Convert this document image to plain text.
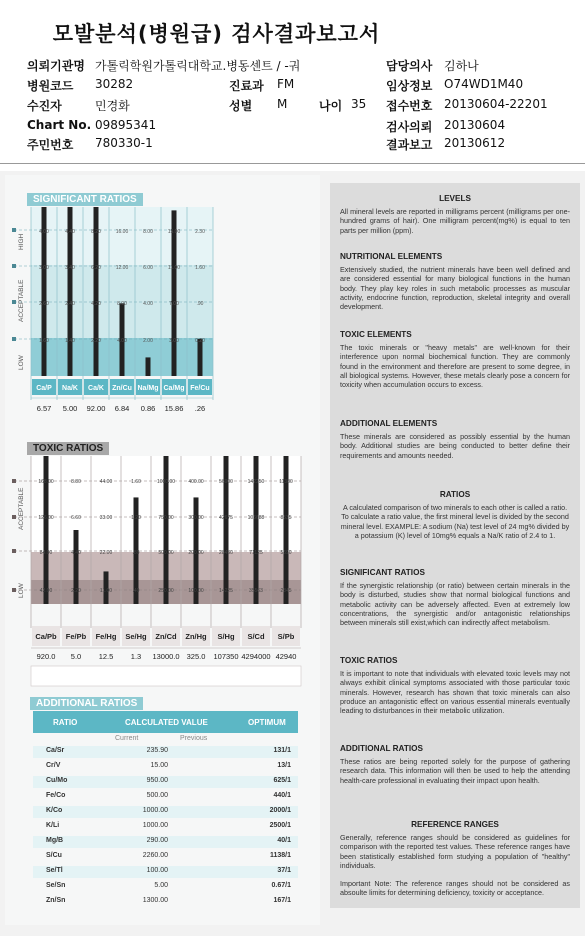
모발분석(병원급) 검사결과보고서
의뢰기관명 가톨릭학원가톨릭대학교.병동센트 / -궈	담당의사 김하나
병원코드 30282	진료과 FM	임상정보 O74WD1M40
수진자	민경화	성별 M	나이 35 접수번호 20130604-22201
Chart No. 09895341	검사의뢰 20130604
주민번호 780330-1	결과보고 20130612
SIGNIFICANT RATIOS
HIGH
ACCEPTABLE
LOW
4.00
3.00
2.60
1.60
Ca/P
6.57
4.40
3.40
2.40
1.40
Na/K
5.00
8.20
6.20
4.20
2.20
Ca/K
92.00
16.00
12.00
8.00
4.00
Zn/Cu
6.84
8.00
6.00
4.00
2.00
Na/Mg
0.86
15.00
11.00
7.00
3.00
Ca/Mg
15.86
2.30
1.60
.90
0.20
Fe/Cu
.26
TOXIC RATIOS
ACCEPTABLE
LOW
168.00
126.00
84.00
42.00
Ca/Pb
920.0
8.80
6.60
4.40
2.20
Fe/Pb
5.0
44.00
33.00
22.00
11.00
Fe/Hg
12.5
1.60
1.20
.80
.40
Se/Hg
1.3
1000.00
750.00
500.00
250.00
Zn/Cd
13000.0
400.00
300.00
200.00
100.00
Zn/Hg
325.0
56900
42675
28450
14225
S/Hg
107350
142250
106688
71125
35563
S/Cd
4294000
11380
8535
5690
2845
S/Pb
42940
ADDITIONAL RATIOS
RATIO	CALCULATED VALUE	OPTIMUM
Current	Previous
Ca/Sr	235.90	131/1
Cr/V	15.00	13/1
Cu/Mo	950.00	625/1
Fe/Co	500.00	440/1
K/Co	1000.00	2000/1
K/Li	1000.00	2500/1
Mg/B	290.00	40/1
S/Cu	2260.00	1138/1
Se/Tl	100.00	37/1
Se/Sn	5.00	0.67/1
Zn/Sn	1300.00	167/1
LEVELS
All mineral levels are reported in milligrams percent (milligrams per one-hundred grams of hair). One milligram percent(mg%) is equal to ten parts per million (ppm).
NUTRITIONAL ELEMENTS
Extensively studied, the nutrient minerals have been well defined and are considered essential for many biological functions in the human body. They play key roles in such metabolic processes as muscular activity, endocrine function, reproduction, skeletal integrity and overall development.
TOXIC ELEMENTS
The toxic minerals or "heavy metals" are well-known for their interference upon normal biochemical function. They are commonly found in the environment and therefore are present to some degree, in all biological systems. However, these metals clearly pose a concern for toxicity when accumulation occurs to excess.
ADDITIONAL ELEMENTS
These minerals are considered as possibly essential by the human body. Additional studies are being conducted to better define their requirements and amounts needed.
RATIOS
A calculated comparison of two minerals to each other is called a ratio. To calculate a ratio value, the first mineral level is divided by the second mineral level. EXAMPLE: A sodium (Na) test level of 24 mg% divided by a potassium (K) level of 10mg% equals a Na/K ratio of 2.4 to 1.
SIGNIFICANT RATIOS
If the synergistic relationship (or ratio) between certain minerals in the body is disturbed, studies show that normal biological functions and metabolic activity can be adversely affected. Even at extremely low concentrations, the synergistic and/or antagonistic relationships between minerals still exist,which can indirectly affect metabolism.
TOXIC RATIOS
It is important to note that individuals with elevated toxic levels may not always exhibit clinical symptoms associated with those particular toxic minerals. However, research has shown that toxic minerals can also produce an antagonistic effect on various essential minerals eventually leading to disturbances in their metabolic utilization.
ADDITIONAL RATIOS
These ratios are being reported solely for the purpose of gathering research data. This information will then be used to help the attending health-care professional in evaluating their impact upon health.
REFERENCE RANGES
Generally, reference ranges should be considered as guidelines for comparison with the reported test values. These reference ranges have been statistically established form studying a population of "healthy" individuals.
Important Note: The reference ranges should not be considered as absoulte limits for determining deficiency, toxicity or acceptance.
